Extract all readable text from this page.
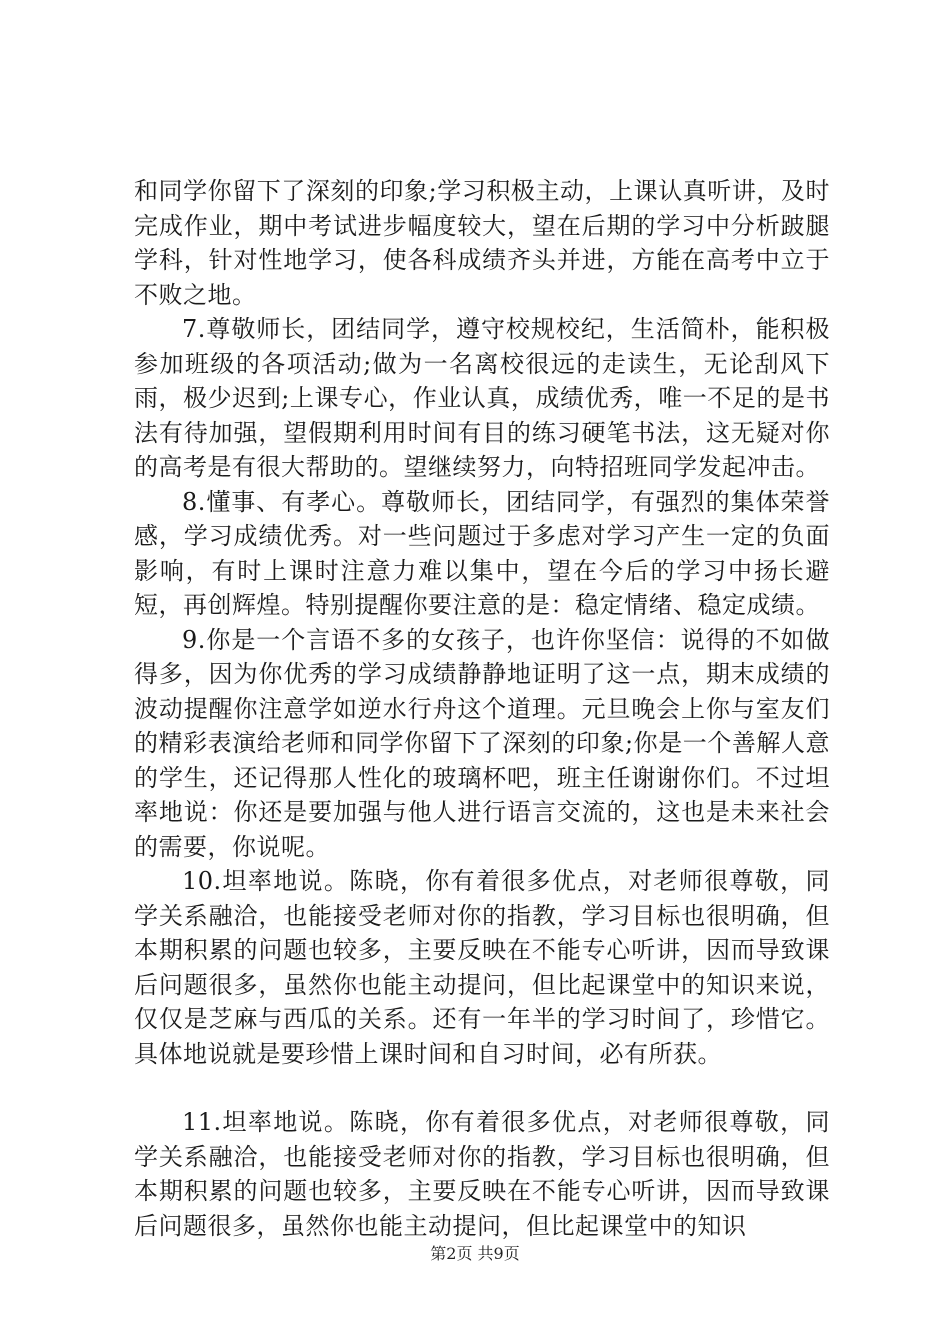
和同学你留下了深刻的印象;学习积极主动，上课认真听讲，及时完成作业，期中考试进步幅度较大，望在后期的学习中分析跛腿学科，针对性地学习，使各科成绩齐头并进，方能在高考中立于不败之地。

7.尊敬师长，团结同学，遵守校规校纪，生活简朴，能积极参加班级的各项活动;做为一名离校很远的走读生，无论刮风下雨，极少迟到;上课专心，作业认真，成绩优秀，唯一不足的是书法有待加强，望假期利用时间有目的练习硬笔书法，这无疑对你的高考是有很大帮助的。望继续努力，向特招班同学发起冲击。

8.懂事、有孝心。尊敬师长，团结同学，有强烈的集体荣誉感，学习成绩优秀。对一些问题过于多虑对学习产生一定的负面影响，有时上课时注意力难以集中，望在今后的学习中扬长避短，再创辉煌。特别提醒你要注意的是：稳定情绪、稳定成绩。

9.你是一个言语不多的女孩子，也许你坚信：说得的不如做得多，因为你优秀的学习成绩静静地证明了这一点，期末成绩的波动提醒你注意学如逆水行舟这个道理。元旦晚会上你与室友们的精彩表演给老师和同学你留下了深刻的印象;你是一个善解人意的学生，还记得那人性化的玻璃杯吧，班主任谢谢你们。不过坦率地说：你还是要加强与他人进行语言交流的，这也是未来社会的需要，你说呢。

10.坦率地说。陈晓，你有着很多优点，对老师很尊敬，同学关系融洽，也能接受老师对你的指教，学习目标也很明确，但本期积累的问题也较多，主要反映在不能专心听讲，因而导致课后问题很多，虽然你也能主动提问，但比起课堂中的知识来说，仅仅是芝麻与西瓜的关系。还有一年半的学习时间了，珍惜它。具体地说就是要珍惜上课时间和自习时间，必有所获。

11.坦率地说。陈晓，你有着很多优点，对老师很尊敬，同学关系融洽，也能接受老师对你的指教，学习目标也很明确，但本期积累的问题也较多，主要反映在不能专心听讲，因而导致课后问题很多，虽然你也能主动提问，但比起课堂中的知识

第2页 共9页
